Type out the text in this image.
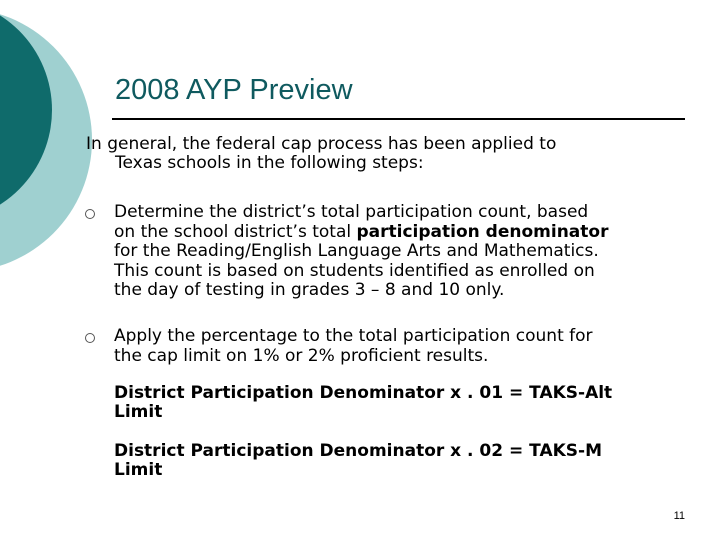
2008 AYP Preview
In general, the federal cap process has been applied to
Texas schools in the following steps:
Determine the district’s total participation count, based
on the school district’s total participation denominator
for the Reading/English Language Arts and Mathematics.
This count is based on students identified as enrolled on
the day of testing in grades 3 – 8 and 10 only.
Apply the percentage to the total participation count for
the cap limit on 1% or 2% proficient results.
District Participation Denominator x . 01 = TAKS-Alt
Limit
District Participation Denominator x . 02 = TAKS-M
Limit
11
